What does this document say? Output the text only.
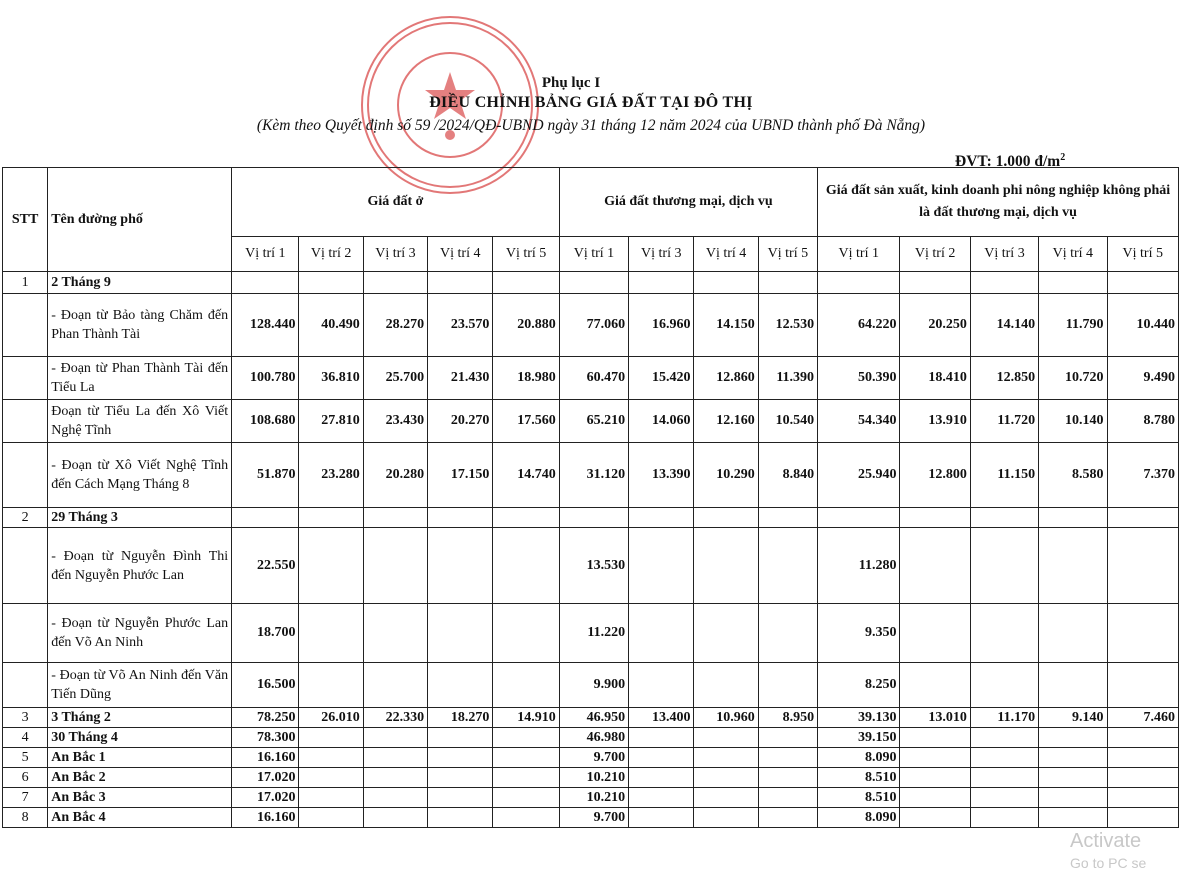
Phụ lục I
ĐIỀU CHỈNH BẢNG GIÁ ĐẤT TẠI ĐÔ THỊ
(Kèm theo Quyết định số 59 /2024/QĐ-UBND ngày 31 tháng 12 năm 2024 của UBND thành phố Đà Nẵng)
ĐVT: 1.000 $đ/m^2$
STT	Tên đường phố	Giá đất ở					Giá đất thương mại, dịch vụ				Giá đất sản xuất, kinh doanh phi nông nghiệp không phải là đất thương mại, dịch vụ				
		Vị trí 1	Vị trí 2	Vị trí 3	Vị trí 4	Vị trí 5	Vị trí 1	Vị trí 3	Vị trí 4	Vị trí 5	Vị trí 1	Vị trí 2	Vị trí 3	Vị trí 4	Vị trí 5
1	2 Tháng 9														
	- Đoạn từ Bảo tàng Chăm đến Phan Thành Tài	128.440	40.490	28.270	23.570	20.880	77.060	16.960	14.150	12.530	64.220	20.250	14.140	11.790	10.440
	- Đoạn từ Phan Thành Tài đến Tiểu La	100.780	36.810	25.700	21.430	18.980	60.470	15.420	12.860	11.390	50.390	18.410	12.850	10.720	9.490
	Đoạn từ Tiểu La đến Xô Viết Nghệ Tĩnh	108.680	27.810	23.430	20.270	17.560	65.210	14.060	12.160	10.540	54.340	13.910	11.720	10.140	8.780
	- Đoạn từ Xô Viết Nghệ Tĩnh đến Cách Mạng Tháng 8	51.870	23.280	20.280	17.150	14.740	31.120	13.390	10.290	8.840	25.940	12.800	11.150	8.580	7.370
2	29 Tháng 3														
	- Đoạn từ Nguyễn Đình Thi đến Nguyễn Phước Lan	22.550					13.530				11.280				
	- Đoạn từ Nguyễn Phước Lan đến Võ An Ninh	18.700					11.220				9.350				
	- Đoạn từ Võ An Ninh đến Văn Tiến Dũng	16.500					9.900				8.250				
3	3 Tháng 2	78.250	26.010	22.330	18.270	14.910	46.950	13.400	10.960	8.950	39.130	13.010	11.170	9.140	7.460
4	30 Tháng 4	78.300					46.980				39.150				
5	An Bắc 1	16.160					9.700				8.090				
6	An Bắc 2	17.020					10.210				8.510				
7	An Bắc 3	17.020					10.210				8.510				
8	An Bắc 4	16.160					9.700				8.090				
Activate
Go to PC se
